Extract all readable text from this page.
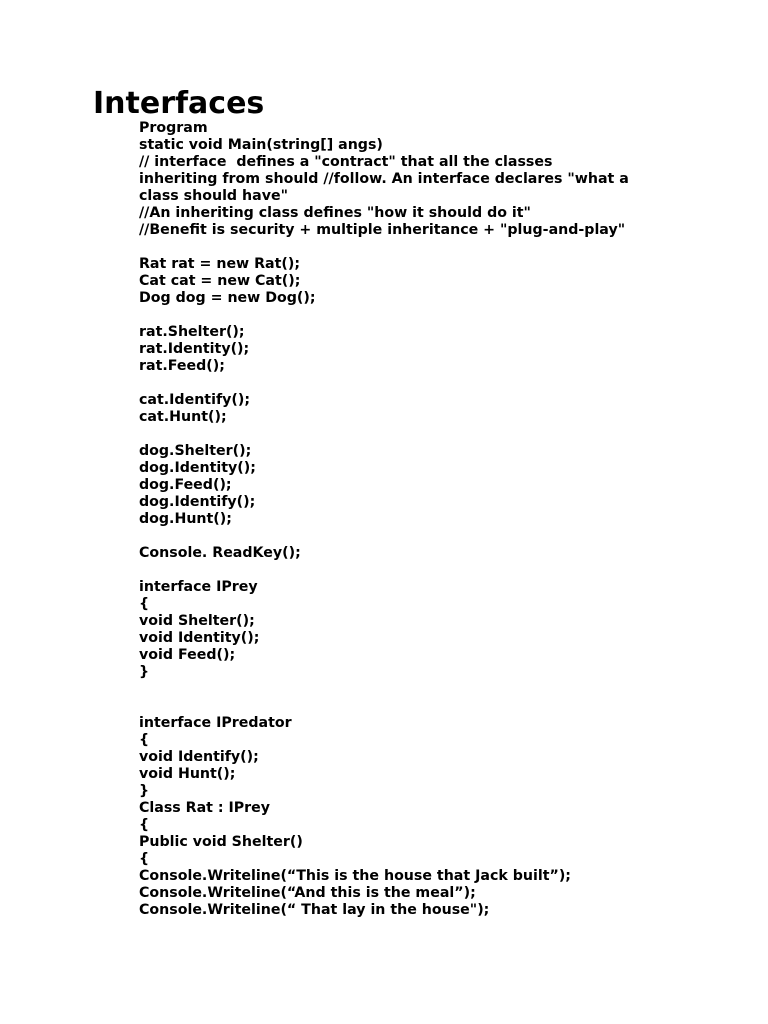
Interfaces
Program
static void Main(string[] angs)
// interface  defines a "contract" that all the classes
inheriting from should //follow. An interface declares "what a
class should have"
//An inheriting class defines "how it should do it"
//Benefit is security + multiple inheritance + "plug-and-play"
Rat rat = new Rat();
Cat cat = new Cat();
Dog dog = new Dog();
rat.Shelter();
rat.Identity();
rat.Feed();
cat.Identify();
cat.Hunt();
dog.Shelter();
dog.Identity();
dog.Feed();
dog.Identify();
dog.Hunt();
Console. ReadKey();
interface IPrey
{
void Shelter();
void Identity();
void Feed();
}
interface IPredator
{
void Identify();
void Hunt();
}
Class Rat : IPrey
{
Public void Shelter()
{
Console.Writeline(“This is the house that Jack built”);
Console.Writeline(“And this is the meal”);
Console.Writeline(“ That lay in the house");
